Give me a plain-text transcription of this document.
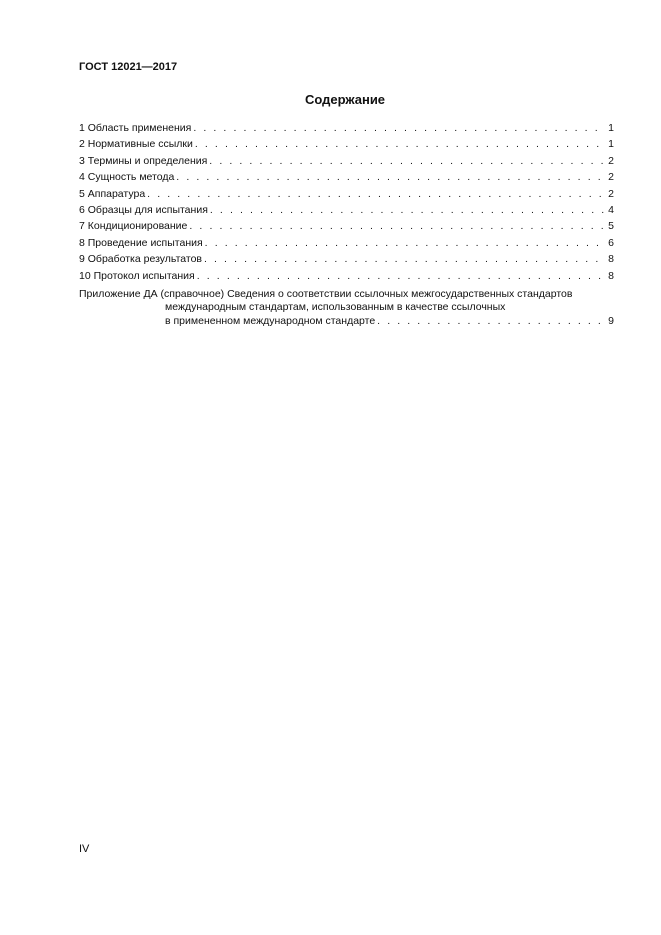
ГОСТ 12021—2017
Содержание
1 Область применения . . .	1
2 Нормативные ссылки . . .	1
3 Термины и определения . . .	2
4 Сущность метода . . .	2
5 Аппаратура . . .	2
6 Образцы для испытания . . .	4
7 Кондиционирование . . .	5
8 Проведение испытания . . .	6
9 Обработка результатов . . .	8
10 Протокол испытания . . .	8
Приложение ДА (справочное) Сведения о соответствии ссылочных межгосударственных стандартов
международным стандартам, использованным в качестве ссылочных
в примененном международном стандарте . . .	9
IV
